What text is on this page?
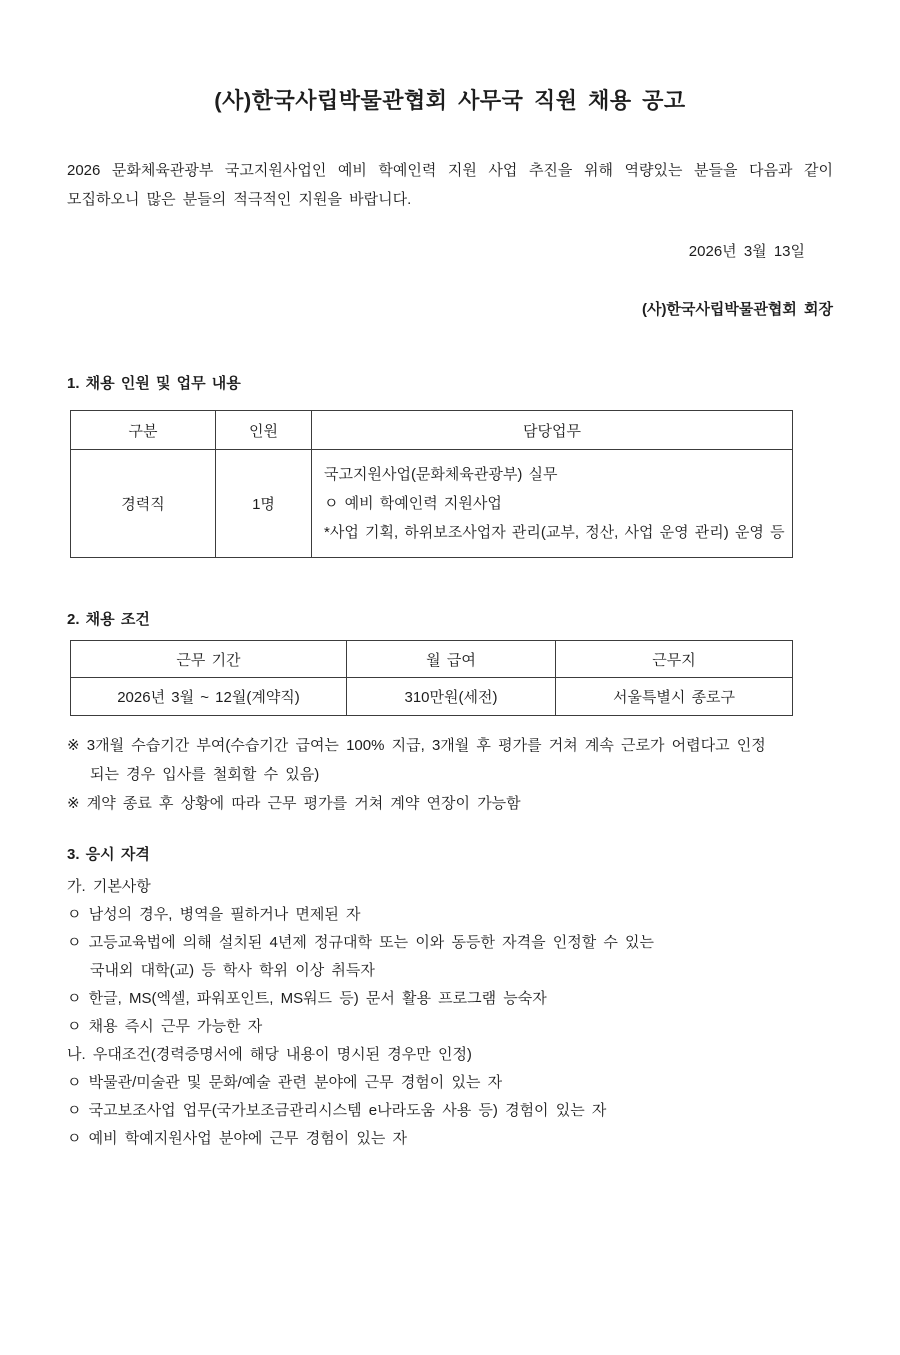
(사)한국사립박물관협회 사무국 직원 채용 공고
2026 문화체육관광부 국고지원사업인 예비 학예인력 지원 사업 추진을 위해 역량있는 분들을 다음과 같이
모집하오니 많은 분들의 적극적인 지원을 바랍니다.
2026년 3월 13일
(사)한국사립박물관협회 회장
1. 채용 인원 및 업무 내용
구분	인원	담당업무
경력직	1명	국고지원사업(문화체육관광부) 실무
ㅇ 예비 학예인력 지원사업
*사업 기획, 하위보조사업자 관리(교부, 정산, 사업 운영 관리) 운영 등
2. 채용 조건
근무 기간	월 급여	근무지
2026년 3월 ~ 12월(계약직)	310만원(세전)	서울특별시 종로구
※ 3개월 수습기간 부여(수습기간 급여는 100% 지급, 3개월 후 평가를 거쳐 계속 근로가 어렵다고 인정
되는 경우 입사를 철회할 수 있음)
※ 계약 종료 후 상황에 따라 근무 평가를 거쳐 계약 연장이 가능함
3. 응시 자격
가. 기본사항
ㅇ 남성의 경우, 병역을 필하거나 면제된 자
ㅇ 고등교육법에 의해 설치된 4년제 정규대학 또는 이와 동등한 자격을 인정할 수 있는
국내외 대학(교) 등 학사 학위 이상 취득자
ㅇ 한글, MS(엑셀, 파워포인트, MS워드 등) 문서 활용 프로그램 능숙자
ㅇ 채용 즉시 근무 가능한 자
나. 우대조건(경력증명서에 해당 내용이 명시된 경우만 인정)
ㅇ 박물관/미술관 및 문화/예술 관련 분야에 근무 경험이 있는 자
ㅇ 국고보조사업 업무(국가보조금관리시스템 e나라도움 사용 등) 경험이 있는 자
ㅇ 예비 학예지원사업 분야에 근무 경험이 있는 자
